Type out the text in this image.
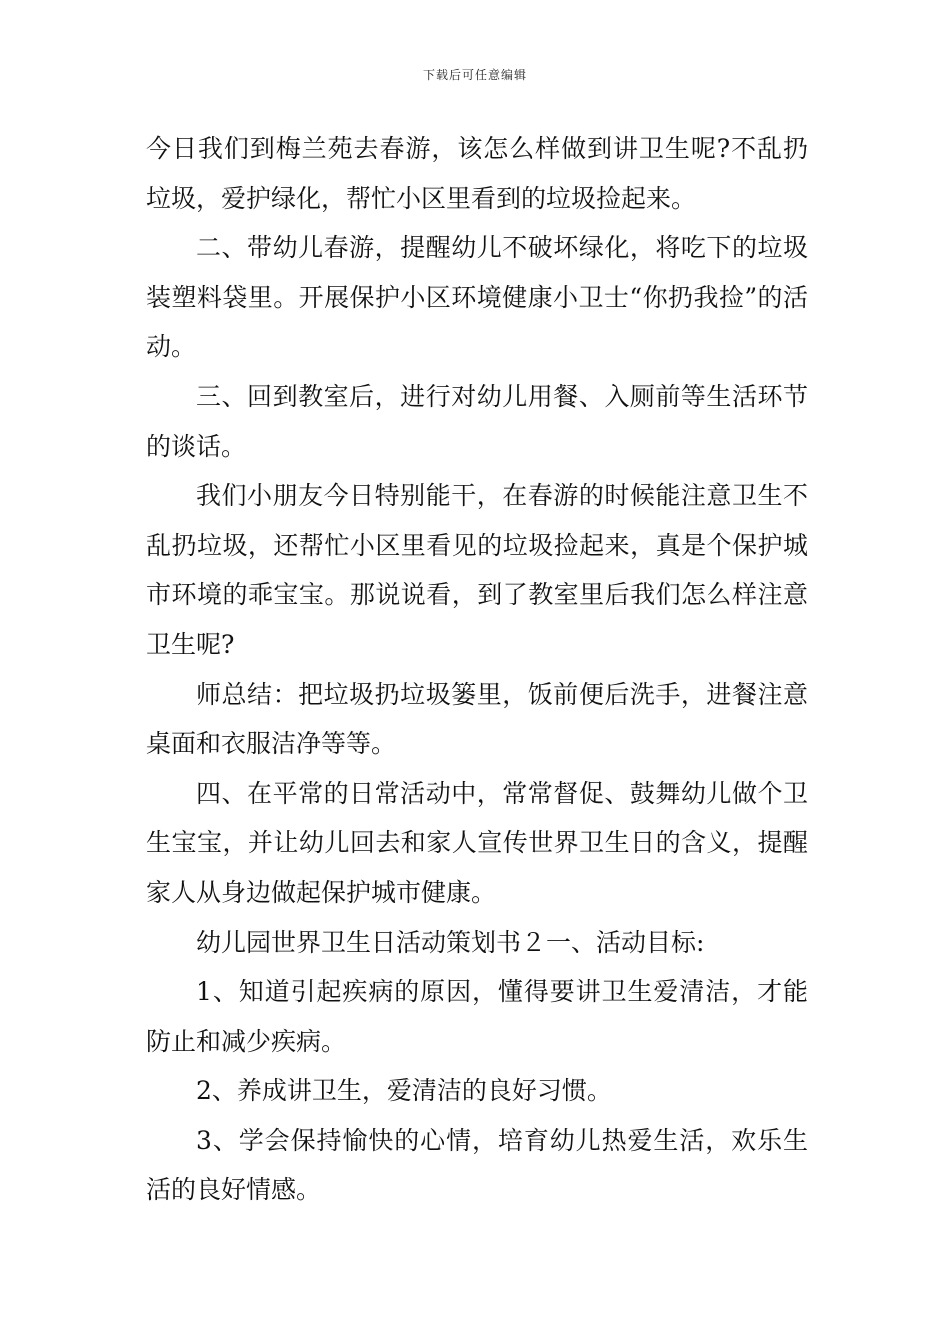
下载后可任意编辑

今日我们到梅兰苑去春游，该怎么样做到讲卫生呢?不乱扔垃圾，爱护绿化，帮忙小区里看到的垃圾捡起来。

二、带幼儿春游，提醒幼儿不破坏绿化，将吃下的垃圾装塑料袋里。开展保护小区环境健康小卫士“你扔我捡”的活动。

三、回到教室后，进行对幼儿用餐、入厕前等生活环节的谈话。

我们小朋友今日特别能干，在春游的时候能注意卫生不乱扔垃圾，还帮忙小区里看见的垃圾捡起来，真是个保护城市环境的乖宝宝。那说说看，到了教室里后我们怎么样注意卫生呢?

师总结：把垃圾扔垃圾篓里，饭前便后洗手，进餐注意桌面和衣服洁净等等。

四、在平常的日常活动中，常常督促、鼓舞幼儿做个卫生宝宝，并让幼儿回去和家人宣传世界卫生日的含义，提醒家人从身边做起保护城市健康。

幼儿园世界卫生日活动策划书２一、活动目标:

1、知道引起疾病的原因，懂得要讲卫生爱清洁，才能防止和减少疾病。

2、养成讲卫生，爱清洁的良好习惯。

3、学会保持愉快的心情，培育幼儿热爱生活，欢乐生活的良好情感。
